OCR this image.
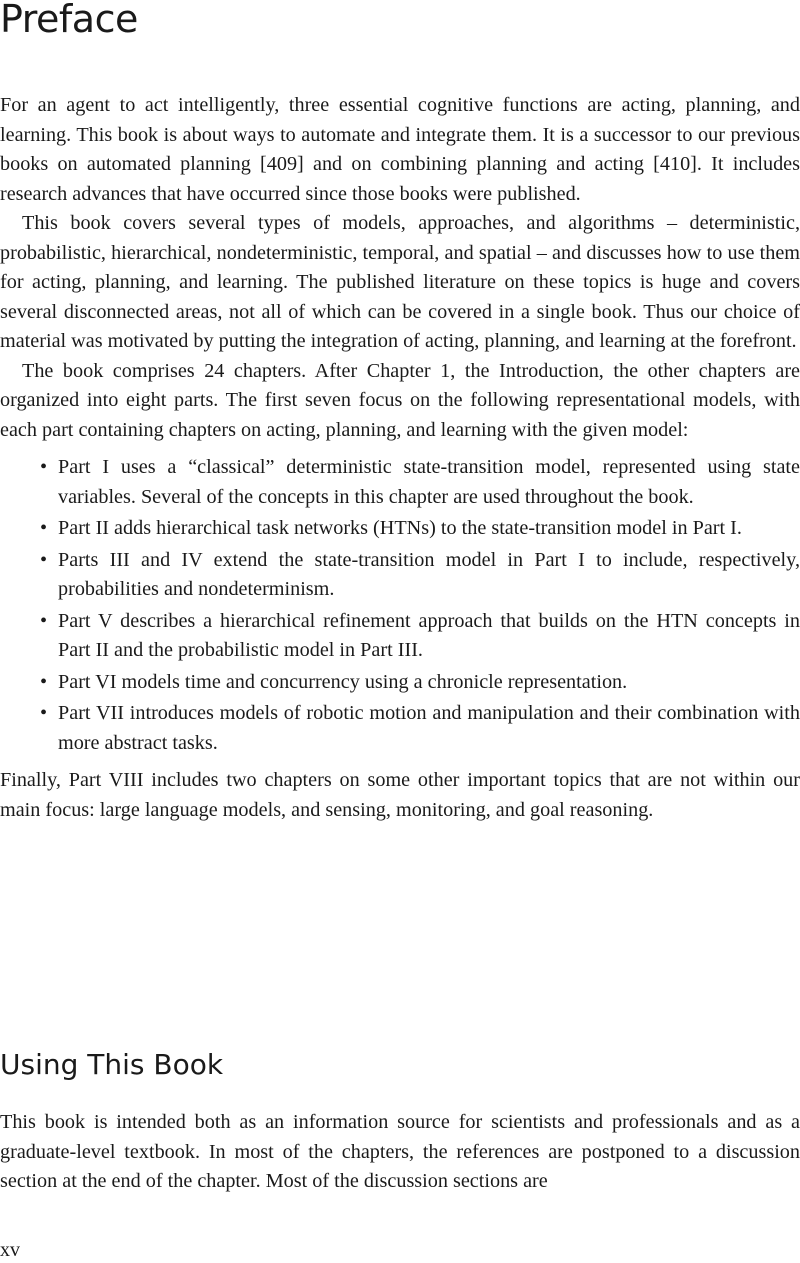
Preface

For an agent to act intelligently, three essential cognitive functions are acting, planning, and learning. This book is about ways to automate and integrate them. It is a successor to our previous books on automated planning [409] and on combining planning and acting [410]. It includes research advances that have occurred since those books were published.

This book covers several types of models, approaches, and algorithms – deterministic, probabilistic, hierarchical, nondeterministic, temporal, and spatial – and discusses how to use them for acting, planning, and learning. The published literature on these topics is huge and covers several disconnected areas, not all of which can be covered in a single book. Thus our choice of material was motivated by putting the integration of acting, planning, and learning at the forefront.

The book comprises 24 chapters. After Chapter 1, the Introduction, the other chapters are organized into eight parts. The first seven focus on the following representational models, with each part containing chapters on acting, planning, and learning with the given model:

• Part I uses a “classical” deterministic state-transition model, represented using state variables. Several of the concepts in this chapter are used throughout the book.
• Part II adds hierarchical task networks (HTNs) to the state-transition model in Part I.
• Parts III and IV extend the state-transition model in Part I to include, respectively, probabilities and nondeterminism.
• Part V describes a hierarchical refinement approach that builds on the HTN concepts in Part II and the probabilistic model in Part III.
• Part VI models time and concurrency using a chronicle representation.
• Part VII introduces models of robotic motion and manipulation and their combination with more abstract tasks.

Finally, Part VIII includes two chapters on some other important topics that are not within our main focus: large language models, and sensing, monitoring, and goal reasoning.

Using This Book

This book is intended both as an information source for scientists and professionals and as a graduate-level textbook. In most of the chapters, the references are postponed to a discussion section at the end of the chapter. Most of the discussion sections are

xv
